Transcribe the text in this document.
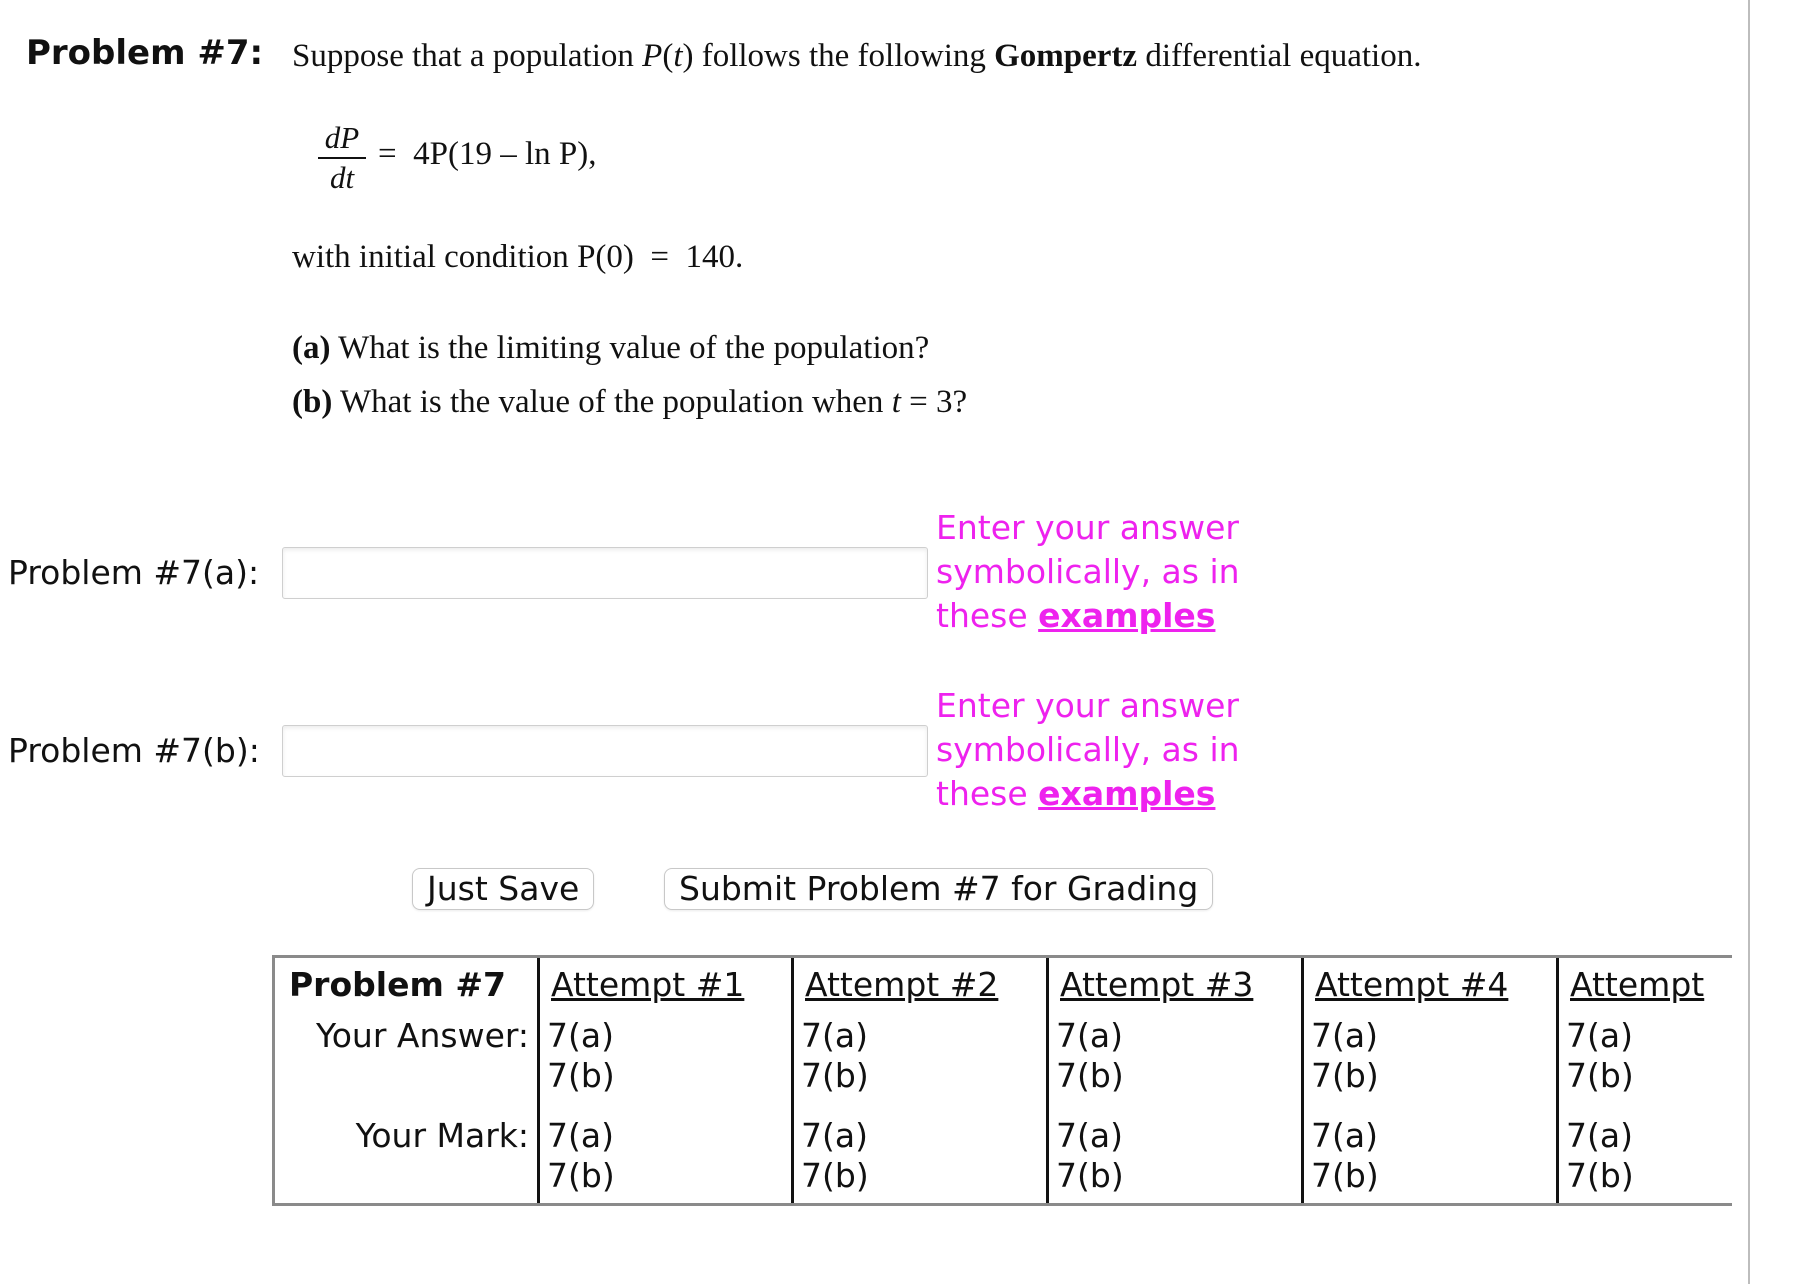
Problem #7: Suppose that a population P(t) follows the following Gompertz differential equation.
dP
dt
= 4P(19 – ln P),
with initial condition P(0) = 140.
(a) What is the limiting value of the population?
(b) What is the value of the population when t = 3?
Problem #7(a):
Enter your answer symbolically, as in these examples
Problem #7(b):
Enter your answer symbolically, as in these examples
Just Save	Submit Problem #7 for Grading
Problem #7
Your Answer:
Your Mark:
Attempt #1
7(a)
7(b)
7(a)
7(b)
Attempt #2
7(a)
7(b)
7(a)
7(b)
Attempt #3
7(a)
7(b)
7(a)
7(b)
Attempt #4
7(a)
7(b)
7(a)
7(b)
Attempt
7(a)
7(b)
7(a)
7(b)
